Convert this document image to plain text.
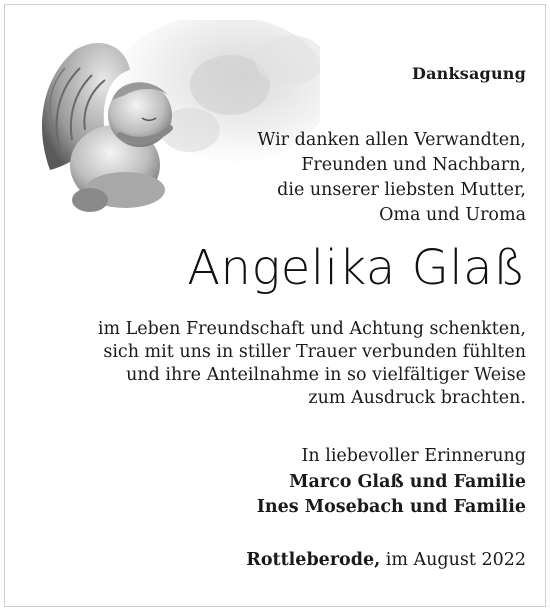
Danksagung
Wir danken allen Verwandten,
Freunden und Nachbarn,
die unserer liebsten Mutter,
Oma und Uroma
Angelika Glaß
im Leben Freundschaft und Achtung schenkten,
sich mit uns in stiller Trauer verbunden fühlten
und ihre Anteilnahme in so vielfältiger Weise
zum Ausdruck brachten.
In liebevoller Erinnerung
Marco Glaß und Familie
Ines Mosebach und Familie
Rottleberode, im August 2022
